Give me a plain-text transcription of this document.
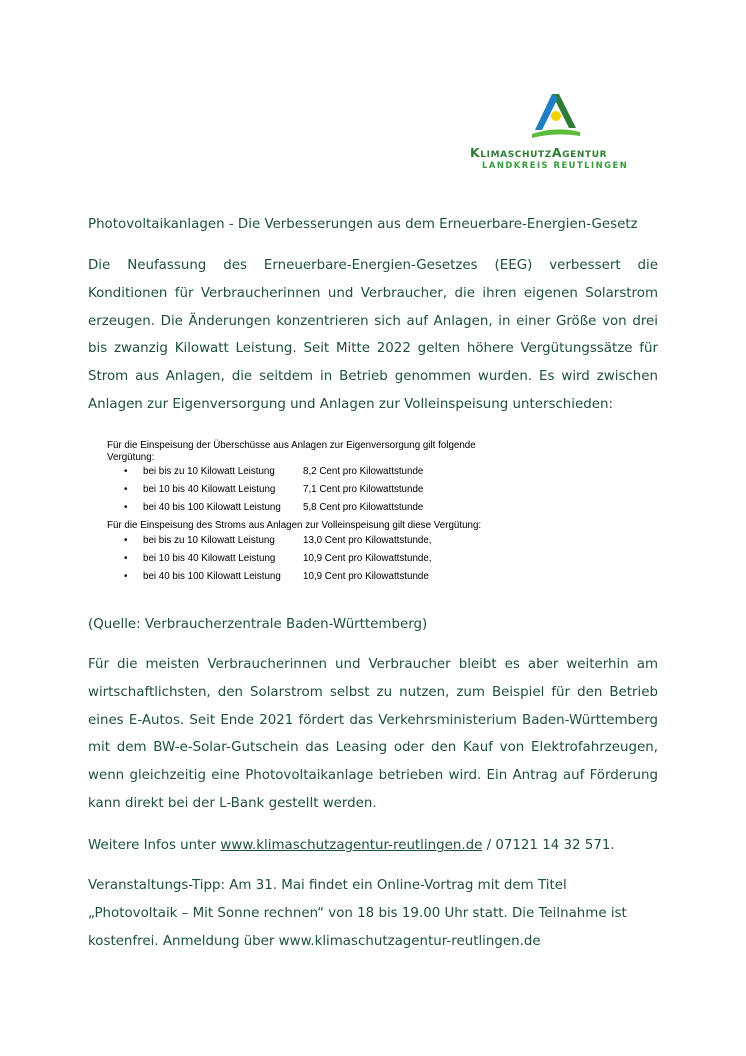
KlimaschutzAgentur
LANDKREIS REUTLINGEN

Photovoltaikanlagen - Die Verbesserungen aus dem Erneuerbare-Energien-Gesetz

Die Neufassung des Erneuerbare-Energien-Gesetzes (EEG) verbessert die Konditionen für Verbraucherinnen und Verbraucher, die ihren eigenen Solarstrom erzeugen. Die Änderungen konzentrieren sich auf Anlagen, in einer Größe von drei bis zwanzig Kilowatt Leistung. Seit Mitte 2022 gelten höhere Vergütungssätze für Strom aus Anlagen, die seitdem in Betrieb genommen wurden. Es wird zwischen Anlagen zur Eigenversorgung und Anlagen zur Volleinspeisung unterschieden:

Für die Einspeisung der Überschüsse aus Anlagen zur Eigenversorgung gilt folgende Vergütung:
• bei bis zu 10 Kilowatt Leistung	8,2 Cent pro Kilowattstunde
• bei 10 bis 40 Kilowatt Leistung	7,1 Cent pro Kilowattstunde
• bei 40 bis 100 Kilowatt Leistung 5,8 Cent pro Kilowattstunde
Für die Einspeisung des Stroms aus Anlagen zur Volleinspeisung gilt diese Vergütung:
• bei bis zu 10 Kilowatt Leistung	13,0 Cent pro Kilowattstunde,
• bei 10 bis 40 Kilowatt Leistung	10,9 Cent pro Kilowattstunde,
• bei 40 bis 100 Kilowatt Leistung 10,9 Cent pro Kilowattstunde

(Quelle: Verbraucherzentrale Baden-Württemberg)

Für die meisten Verbraucherinnen und Verbraucher bleibt es aber weiterhin am wirtschaftlichsten, den Solarstrom selbst zu nutzen, zum Beispiel für den Betrieb eines E-Autos. Seit Ende 2021 fördert das Verkehrsministerium Baden-Württemberg mit dem BW-e-Solar-Gutschein das Leasing oder den Kauf von Elektrofahrzeugen, wenn gleichzeitig eine Photovoltaikanlage betrieben wird. Ein Antrag auf Förderung kann direkt bei der L-Bank gestellt werden.

Weitere Infos unter www.klimaschutzagentur-reutlingen.de / 07121 14 32 571.

Veranstaltungs-Tipp: Am 31. Mai findet ein Online-Vortrag mit dem Titel „Photovoltaik – Mit Sonne rechnen“ von 18 bis 19.00 Uhr statt. Die Teilnahme ist kostenfrei. Anmeldung über www.klimaschutzagentur-reutlingen.de
